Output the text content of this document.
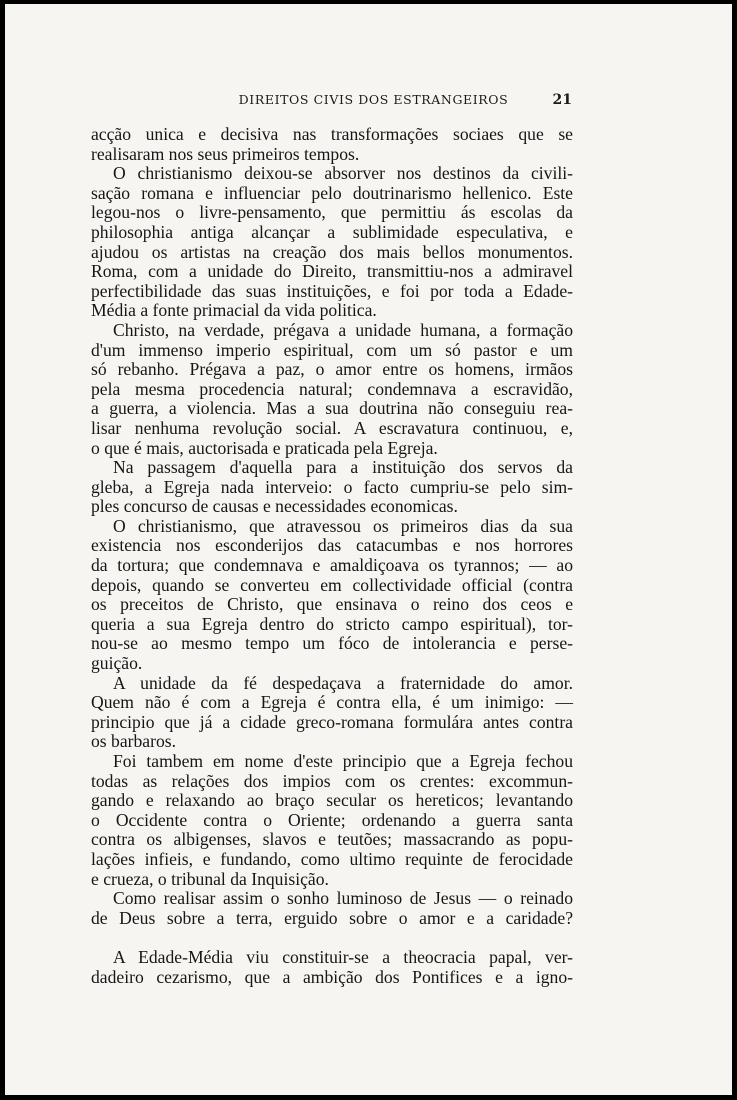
DIREITOS CIVIS DOS ESTRANGEIROS	21
acção unica e decisiva nas transformações sociaes que se
realisaram nos seus primeiros tempos.
O christianismo deixou-se absorver nos destinos da civili-
sação romana e influenciar pelo doutrinarismo hellenico. Este
legou-nos o livre-pensamento, que permittiu ás escolas da
philosophia antiga alcançar a sublimidade especulativa, e
ajudou os artistas na creação dos mais bellos monumentos.
Roma, com a unidade do Direito, transmittiu-nos a admiravel
perfectibilidade das suas instituições, e foi por toda a Edade-
Média a fonte primacial da vida politica.
Christo, na verdade, prégava a unidade humana, a formação
d'um immenso imperio espiritual, com um só pastor e um
só rebanho. Prégava a paz, o amor entre os homens, irmãos
pela mesma procedencia natural; condemnava a escravidão,
a guerra, a violencia. Mas a sua doutrina não conseguiu rea-
lisar nenhuma revolução social. A escravatura continuou, e,
o que é mais, auctorisada e praticada pela Egreja.
Na passagem d'aquella para a instituição dos servos da
gleba, a Egreja nada interveio: o facto cumpriu-se pelo sim-
ples concurso de causas e necessidades economicas.
O christianismo, que atravessou os primeiros dias da sua
existencia nos esconderijos das catacumbas e nos horrores
da tortura; que condemnava e amaldiçoava os tyrannos; — ao
depois, quando se converteu em collectividade official (contra
os preceitos de Christo, que ensinava o reino dos ceos e
queria a sua Egreja dentro do stricto campo espiritual), tor-
nou-se ao mesmo tempo um fóco de intolerancia e perse-
guição.
A unidade da fé despedaçava a fraternidade do amor.
Quem não é com a Egreja é contra ella, é um inimigo: —
principio que já a cidade greco-romana formulára antes contra
os barbaros.
Foi tambem em nome d'este principio que a Egreja fechou
todas as relações dos impios com os crentes: excommun-
gando e relaxando ao braço secular os hereticos; levantando
o Occidente contra o Oriente; ordenando a guerra santa
contra os albigenses, slavos e teutões; massacrando as popu-
lações infieis, e fundando, como ultimo requinte de ferocidade
e crueza, o tribunal da Inquisição.
Como realisar assim o sonho luminoso de Jesus — o reinado
de Deus sobre a terra, erguido sobre o amor e a caridade?
A Edade-Média viu constituir-se a theocracia papal, ver-
dadeiro cezarismo, que a ambição dos Pontifices e a igno-
